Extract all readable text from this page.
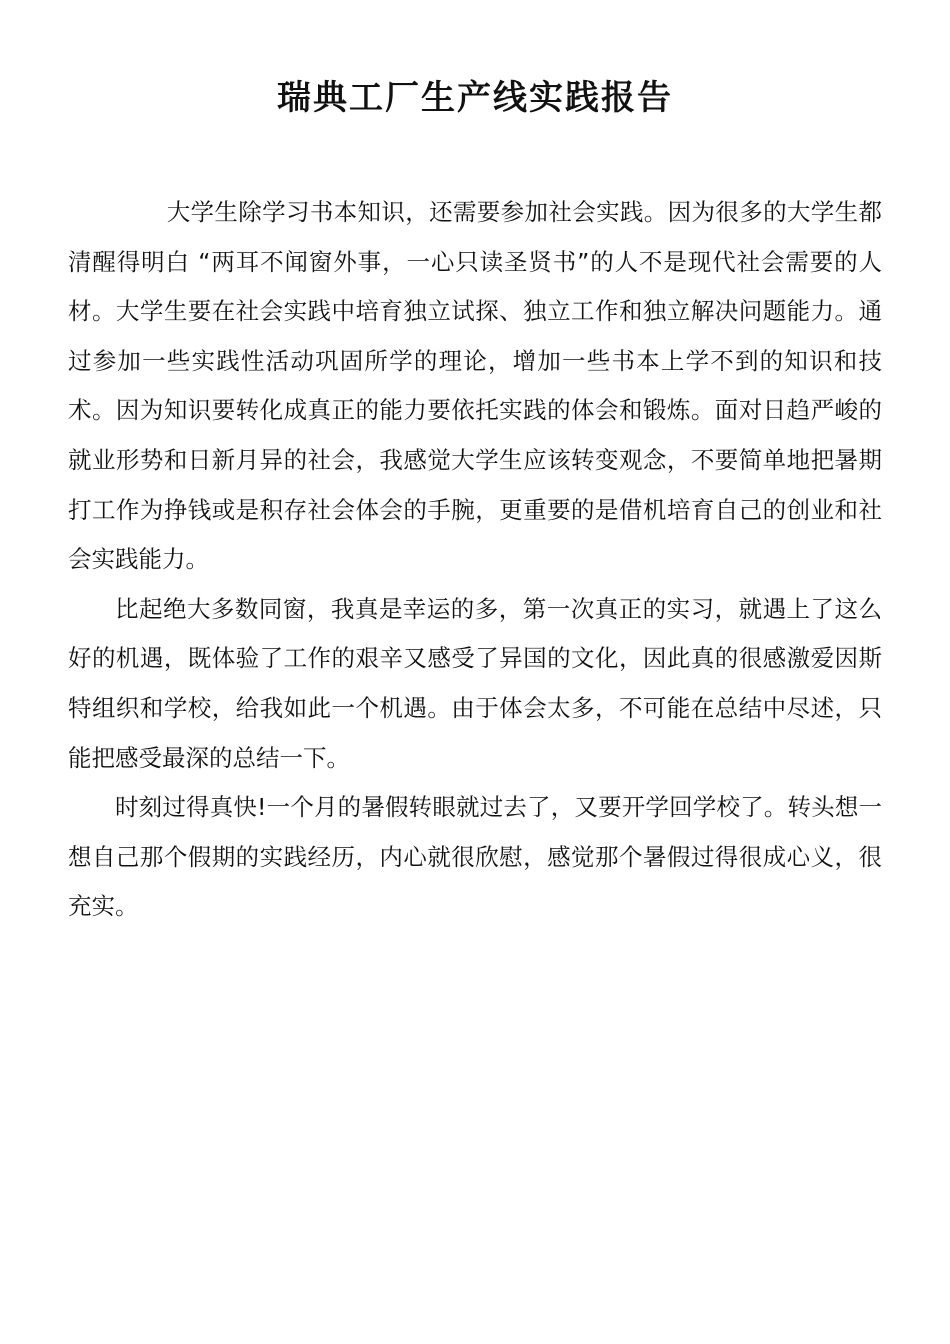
瑞典工厂生产线实践报告

大学生除学习书本知识，还需要参加社会实践。因为很多的大学生都清醒得明白 “两耳不闻窗外事，一心只读圣贤书”的人不是现代社会需要的人材。大学生要在社会实践中培育独立试探、独立工作和独立解决问题能力。通过参加一些实践性活动巩固所学的理论，增加一些书本上学不到的知识和技术。因为知识要转化成真正的能力要依托实践的体会和锻炼。面对日趋严峻的就业形势和日新月异的社会，我感觉大学生应该转变观念，不要简单地把暑期打工作为挣钱或是积存社会体会的手腕，更重要的是借机培育自己的创业和社会实践能力。

比起绝大多数同窗，我真是幸运的多，第一次真正的实习，就遇上了这么好的机遇，既体验了工作的艰辛又感受了异国的文化，因此真的很感激爱因斯特组织和学校，给我如此一个机遇。由于体会太多，不可能在总结中尽述，只能把感受最深的总结一下。

时刻过得真快!一个月的暑假转眼就过去了，又要开学回学校了。转头想一想自己那个假期的实践经历，内心就很欣慰，感觉那个暑假过得很成心义，很充实。
